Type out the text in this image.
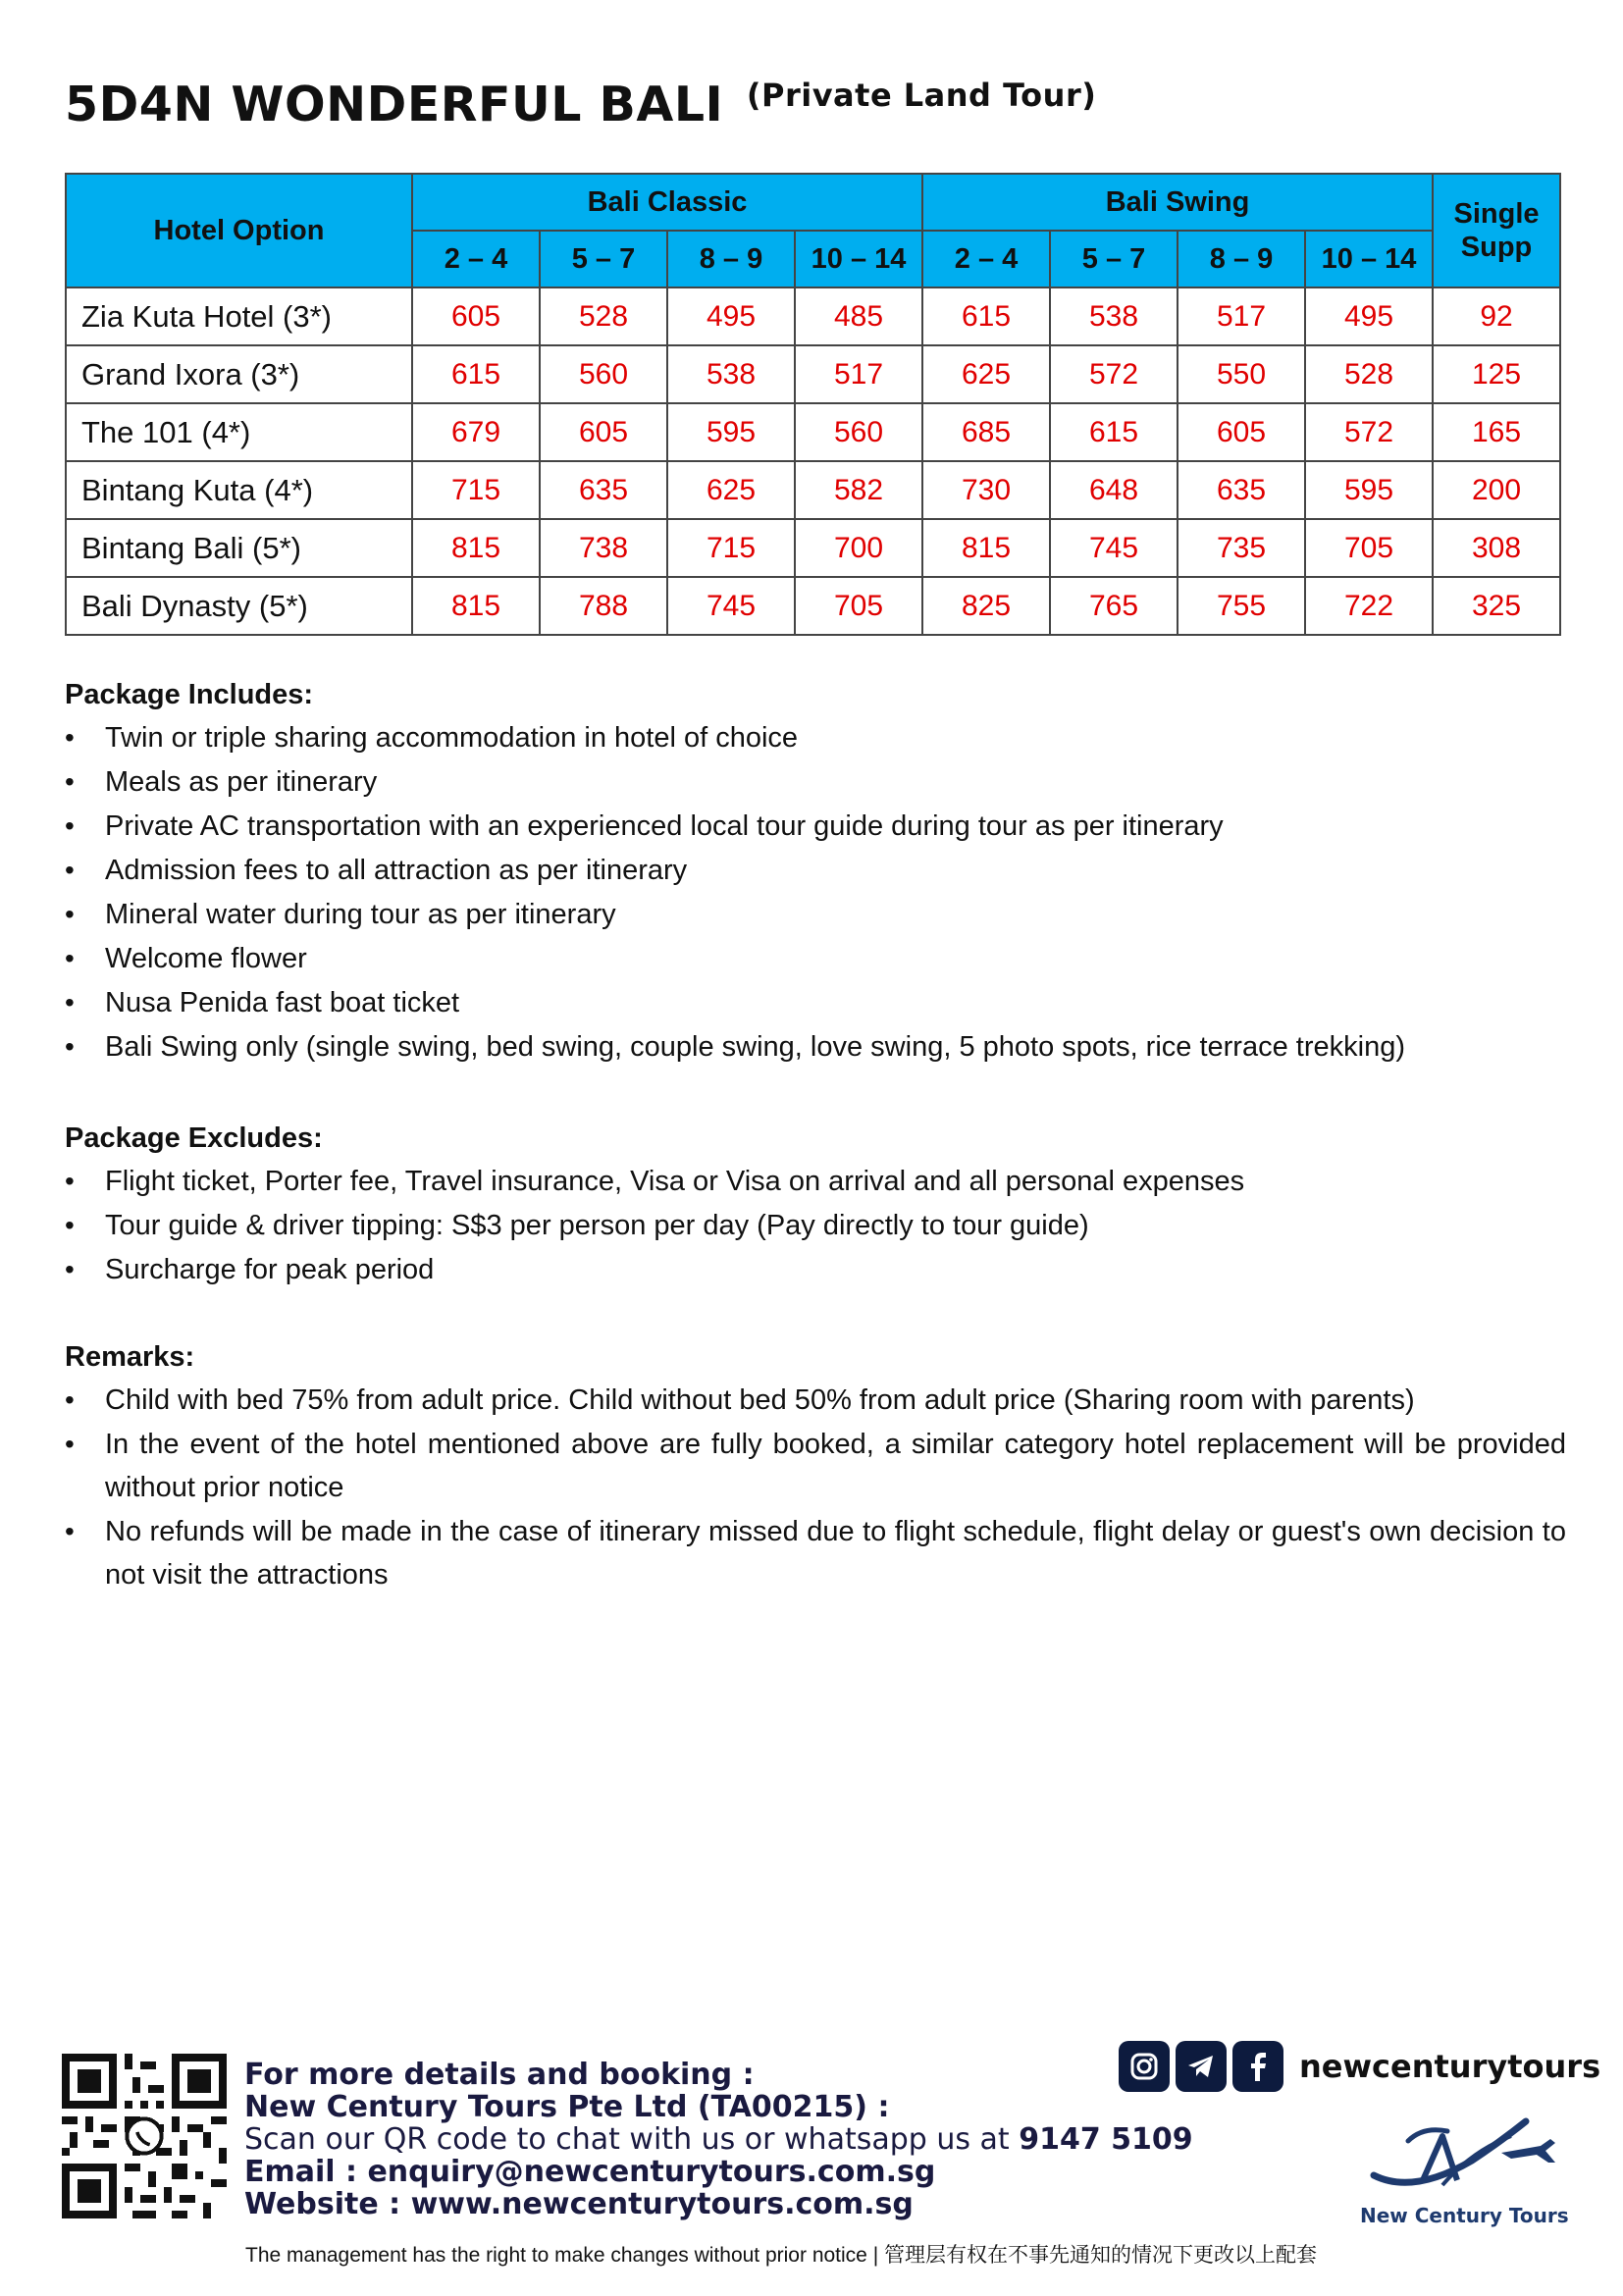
5D4N WONDERFUL BALI $^{(Private Land Tour)}$
Hotel Option	Bali Classic				Bali Swing				Single Supp
	2 – 4	5 – 7	8 – 9	10 – 14	2 – 4	5 – 7	8 – 9	10 – 14	
Zia Kuta Hotel (3*)	605	528	495	485	615	538	517	495	92
Grand Ixora (3*)	615	560	538	517	625	572	550	528	125
The 101 (4*)	679	605	595	560	685	615	605	572	165
Bintang Kuta (4*)	715	635	625	582	730	648	635	595	200
Bintang Bali (5*)	815	738	715	700	815	745	735	705	308
Bali Dynasty (5*)	815	788	745	705	825	765	755	722	325
Package Includes:
• Twin or triple sharing accommodation in hotel of choice
• Meals as per itinerary
• Private AC transportation with an experienced local tour guide during tour as per itinerary
• Admission fees to all attraction as per itinerary
• Mineral water during tour as per itinerary
• Welcome flower
• Nusa Penida fast boat ticket
• Bali Swing only (single swing, bed swing, couple swing, love swing, 5 photo spots, rice terrace trekking)
Package Excludes:
• Flight ticket, Porter fee, Travel insurance, Visa or Visa on arrival and all personal expenses
• Tour guide & driver tipping: S$3 per person per day (Pay directly to tour guide)
• Surcharge for peak period
Remarks:
• Child with bed 75% from adult price. Child without bed 50% from adult price (Sharing room with parents)
• In the event of the hotel mentioned above are fully booked, a similar category hotel replacement will be provided without prior notice
• No refunds will be made in the case of itinerary missed due to flight schedule, flight delay or guest's own decision to not visit the attractions
For more details and booking :
New Century Tours Pte Ltd (TA00215) :
Scan our QR code to chat with us or whatsapp us at 9147 5109
Email : enquiry@newcenturytours.com.sg
Website : www.newcenturytours.com.sg
The management has the right to make changes without prior notice | 管理层有权在不事先通知的情况下更改以上配套
newcenturytours
New Century Tours
